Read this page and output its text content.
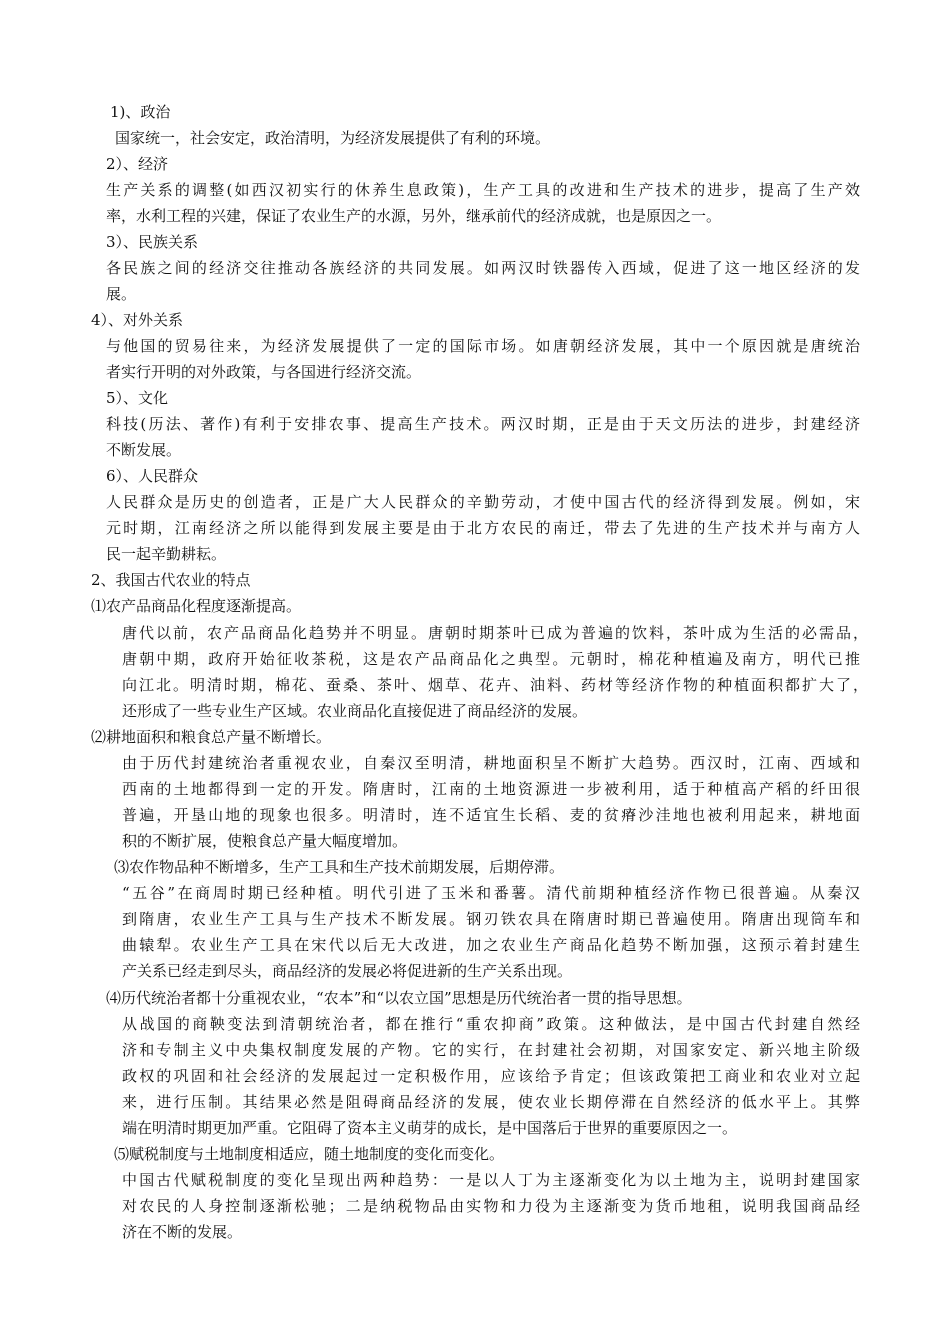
1)、政治
国家统一，社会安定，政治清明，为经济发展提供了有利的环境。
2）、经济
生产关系的调整(如西汉初实行的休养生息政策)，生产工具的改进和生产技术的进步，提高了生产效
率，水利工程的兴建，保证了农业生产的水源，另外，继承前代的经济成就，也是原因之一。
3）、民族关系
各民族之间的经济交往推动各族经济的共同发展。如两汉时铁器传入西域，促进了这一地区经济的发
展。
4）、对外关系
与他国的贸易往来，为经济发展提供了一定的国际市场。如唐朝经济发展，其中一个原因就是唐统治
者实行开明的对外政策，与各国进行经济交流。
5）、文化
科技(历法、著作)有利于安排农事、提高生产技术。两汉时期，正是由于天文历法的进步，封建经济
不断发展。
6）、人民群众
人民群众是历史的创造者，正是广大人民群众的辛勤劳动，才使中国古代的经济得到发展。例如，宋
元时期，江南经济之所以能得到发展主要是由于北方农民的南迁，带去了先进的生产技术并与南方人
民一起辛勤耕耘。
2、我国古代农业的特点
⑴农产品商品化程度逐渐提高。
唐代以前，农产品商品化趋势并不明显。唐朝时期茶叶已成为普遍的饮料，茶叶成为生活的必需品，
唐朝中期，政府开始征收茶税，这是农产品商品化之典型。元朝时，棉花种植遍及南方，明代已推
向江北。明清时期，棉花、蚕桑、茶叶、烟草、花卉、油料、药材等经济作物的种植面积都扩大了，
还形成了一些专业生产区域。农业商品化直接促进了商品经济的发展。
⑵耕地面积和粮食总产量不断增长。
由于历代封建统治者重视农业，自秦汉至明清，耕地面积呈不断扩大趋势。西汉时，江南、西域和
西南的土地都得到一定的开发。隋唐时，江南的土地资源进一步被利用，适于种植高产稻的纤田很
普遍，开垦山地的现象也很多。明清时，连不适宜生长稻、麦的贫瘠沙洼地也被利用起来，耕地面
积的不断扩展，使粮食总产量大幅度增加。
⑶农作物品种不断增多，生产工具和生产技术前期发展，后期停滞。
“五谷”在商周时期已经种植。明代引进了玉米和番薯。清代前期种植经济作物已很普遍。从秦汉
到隋唐，农业生产工具与生产技术不断发展。钢刃铁农具在隋唐时期已普遍使用。隋唐出现筒车和
曲辕犁。农业生产工具在宋代以后无大改进，加之农业生产商品化趋势不断加强，这预示着封建生
产关系已经走到尽头，商品经济的发展必将促进新的生产关系出现。
⑷历代统治者都十分重视农业，“农本”和“以农立国”思想是历代统治者一贯的指导思想。
从战国的商鞅变法到清朝统治者，都在推行“重农抑商”政策。这种做法，是中国古代封建自然经
济和专制主义中央集权制度发展的产物。它的实行，在封建社会初期，对国家安定、新兴地主阶级
政权的巩固和社会经济的发展起过一定积极作用，应该给予肯定；但该政策把工商业和农业对立起
来，进行压制。其结果必然是阻碍商品经济的发展，使农业长期停滞在自然经济的低水平上。其弊
端在明清时期更加严重。它阻碍了资本主义萌芽的成长，是中国落后于世界的重要原因之一。
⑸赋税制度与土地制度相适应，随土地制度的变化而变化。
中国古代赋税制度的变化呈现出两种趋势：一是以人丁为主逐渐变化为以土地为主，说明封建国家
对农民的人身控制逐渐松驰；二是纳税物品由实物和力役为主逐渐变为货币地租，说明我国商品经
济在不断的发展。
